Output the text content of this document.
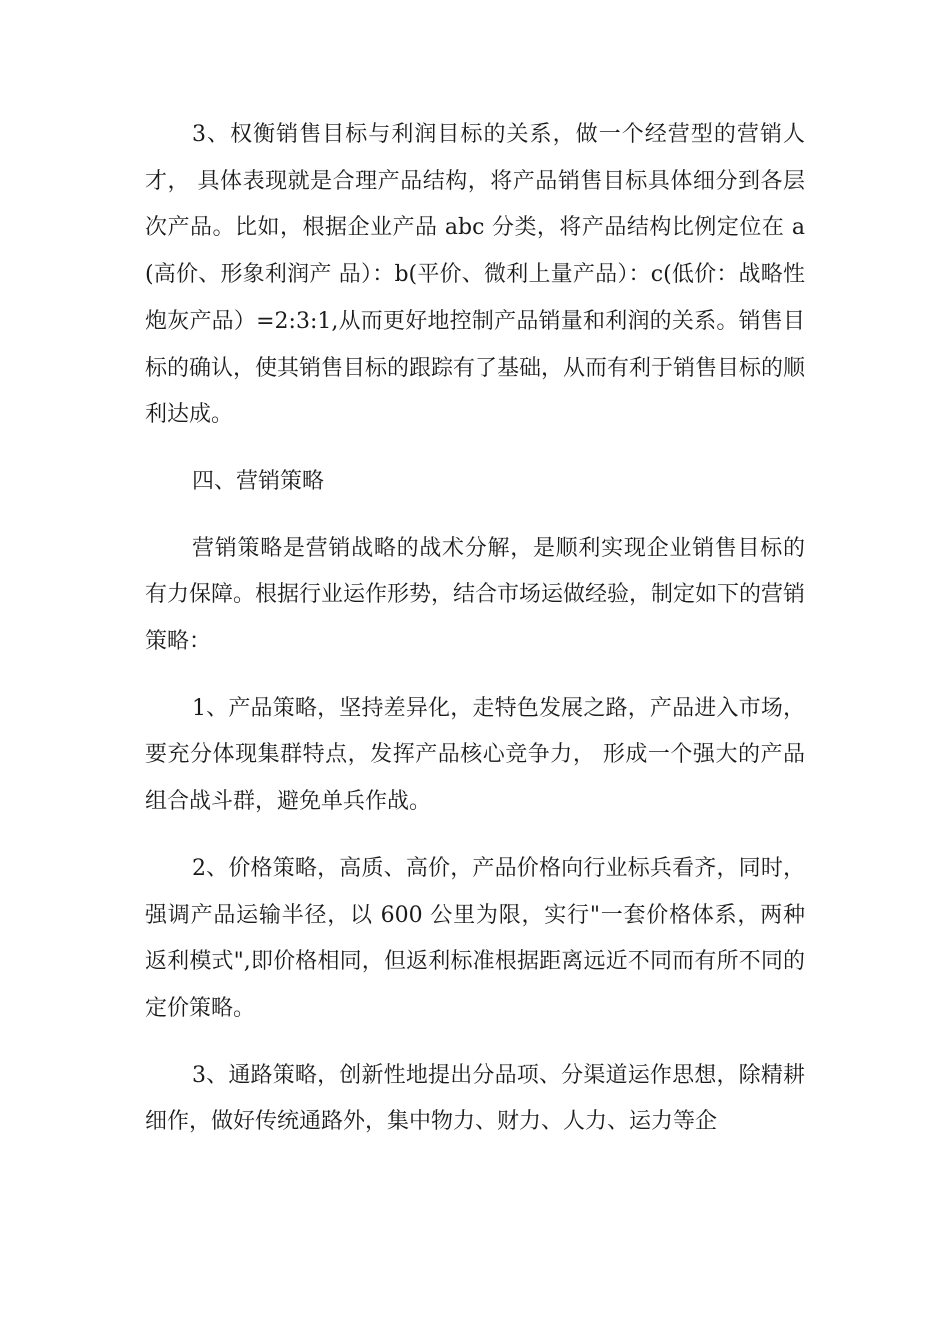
3、权衡销售目标与利润目标的关系，做一个经营型的营销人才， 具体表现就是合理产品结构，将产品销售目标具体细分到各层次产品。比如，根据企业产品 abc 分类，将产品结构比例定位在 a(高价、形象利润产 品）：b(平价、微利上量产品）：c(低价：战略性炮灰产品）=2:3:1,从而更好地控制产品销量和利润的关系。销售目标的确认，使其销售目标的跟踪有了基础，从而有利于销售目标的顺利达成。

四、营销策略

营销策略是营销战略的战术分解，是顺利实现企业销售目标的有力保障。根据行业运作形势，结合市场运做经验，制定如下的营销策略：

1、产品策略，坚持差异化，走特色发展之路，产品进入市场，要充分体现集群特点，发挥产品核心竞争力， 形成一个强大的产品组合战斗群，避免单兵作战。

2、价格策略，高质、高价，产品价格向行业标兵看齐，同时，强调产品运输半径，以 600 公里为限，实行"一套价格体系，两种返利模式",即价格相同，但返利标准根据距离远近不同而有所不同的定价策略。

3、通路策略，创新性地提出分品项、分渠道运作思想，除精耕细作，做好传统通路外，集中物力、财力、人力、运力等企
